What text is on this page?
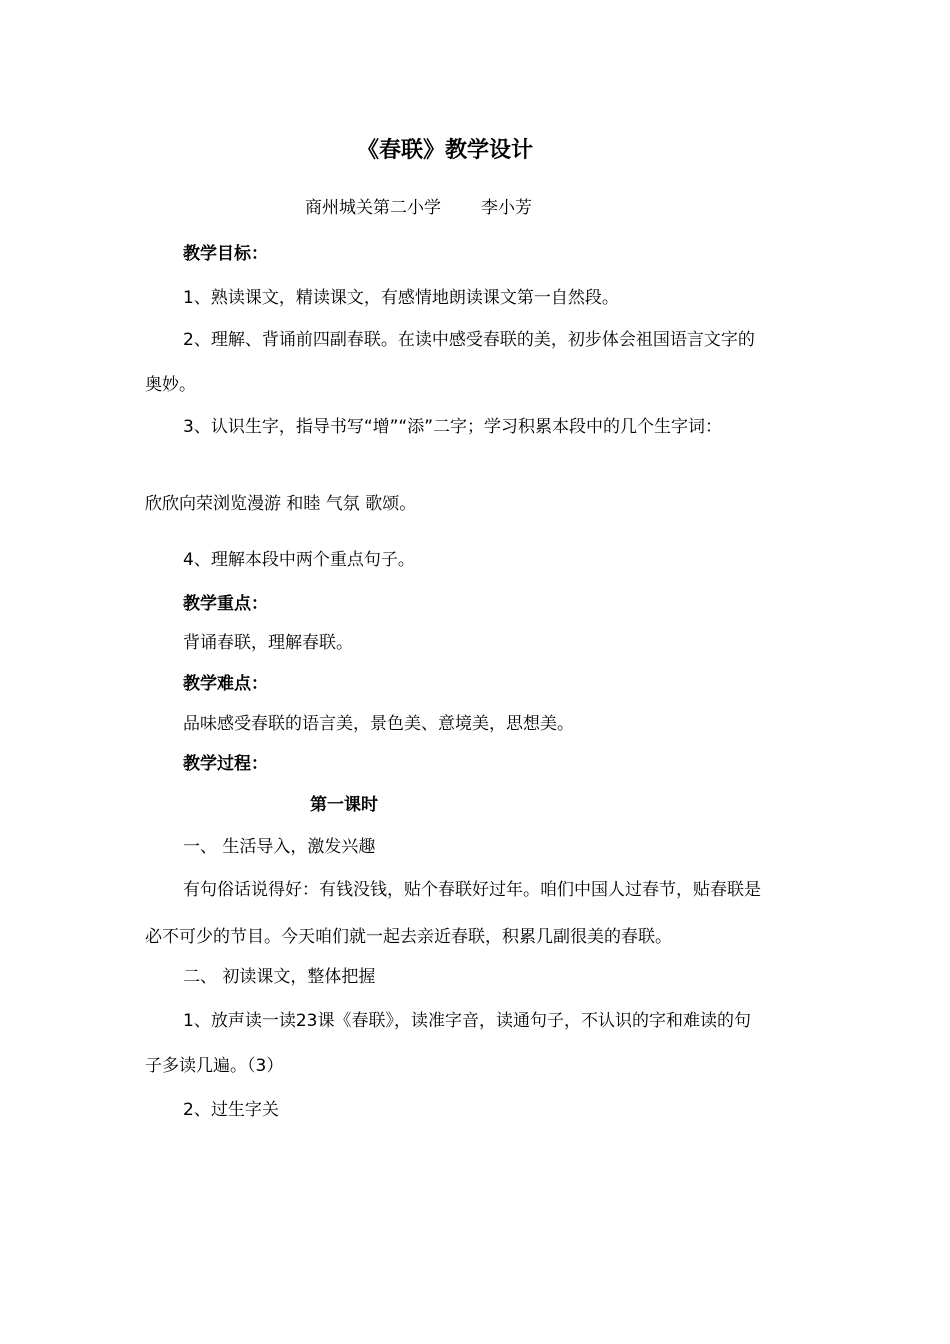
《春联》教学设计
商州城关第二小学 李小芳
教学目标：
1、熟读课文，精读课文，有感情地朗读课文第一自然段。
2、理解、背诵前四副春联。在读中感受春联的美，初步体会祖国语言文字的
奥妙。
3、认识生字，指导书写“增”“添”二字；学习积累本段中的几个生字词：
欣欣向荣浏览漫游 和睦 气氛 歌颂。
4、理解本段中两个重点句子。
教学重点：
背诵春联，理解春联。
教学难点：
品味感受春联的语言美，景色美、意境美，思想美。
教学过程：
第一课时
一、 生活导入，激发兴趣
有句俗话说得好：有钱没钱，贴个春联好过年。咱们中国人过春节，贴春联是
必不可少的节目。今天咱们就一起去亲近春联，积累几副很美的春联。
二、 初读课文，整体把握
1、放声读一读23课《春联》，读准字音，读通句子，不认识的字和难读的句
子多读几遍。（3）
2、过生字关
